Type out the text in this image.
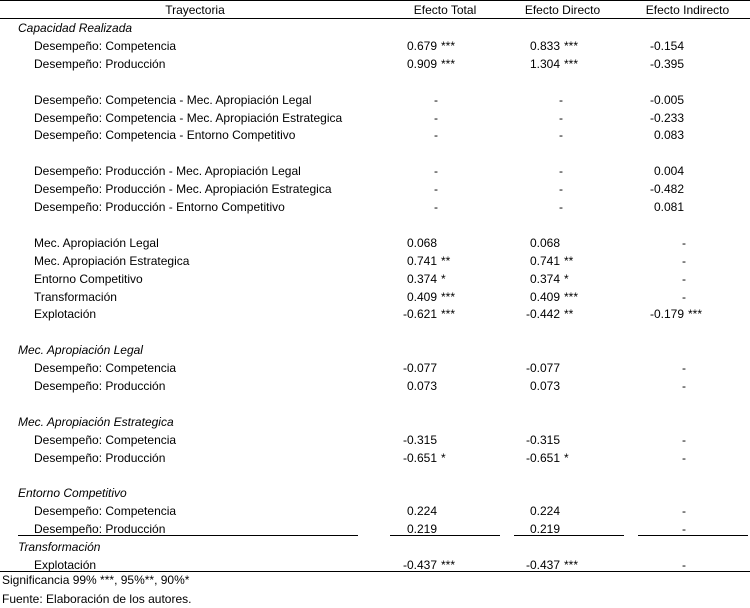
Trayectoria	Efecto Total	Efecto Directo	Efecto Indirecto
Capacidad Realizada
Desempeño: Competencia	0.679 ***	0.833 ***	-0.154
Desempeño: Producción	0.909 ***	1.304 ***	-0.395
Desempeño: Competencia - Mec. Apropiación Legal	-	-	-0.005
Desempeño: Competencia - Mec. Apropiación Estrategica	-	-	-0.233
Desempeño: Competencia - Entorno Competitivo	-	-	0.083
Desempeño: Producción - Mec. Apropiación Legal	-	-	0.004
Desempeño: Producción - Mec. Apropiación Estrategica	-	-	-0.482
Desempeño: Producción - Entorno Competitivo	-	-	0.081
Mec. Apropiación Legal	0.068	0.068	-
Mec. Apropiación Estrategica	0.741 **	0.741 **	-
Entorno Competitivo	0.374 *	0.374 *	-
Transformación	0.409 ***	0.409 ***	-
Explotación	-0.621 ***	-0.442 **	-0.179 ***
Mec. Apropiación Legal
Desempeño: Competencia	-0.077	-0.077	-
Desempeño: Producción	0.073	0.073	-
Mec. Apropiación Estrategica
Desempeño: Competencia	-0.315	-0.315	-
Desempeño: Producción	-0.651 *	-0.651 *	-
Entorno Competitivo
Desempeño: Competencia	0.224	0.224	-
Desempeño: Producción	0.219	0.219	-
Transformación
Explotación	-0.437 ***	-0.437 ***	-
Significancia 99% ***, 95%**, 90%*
Fuente: Elaboración de los autores.
